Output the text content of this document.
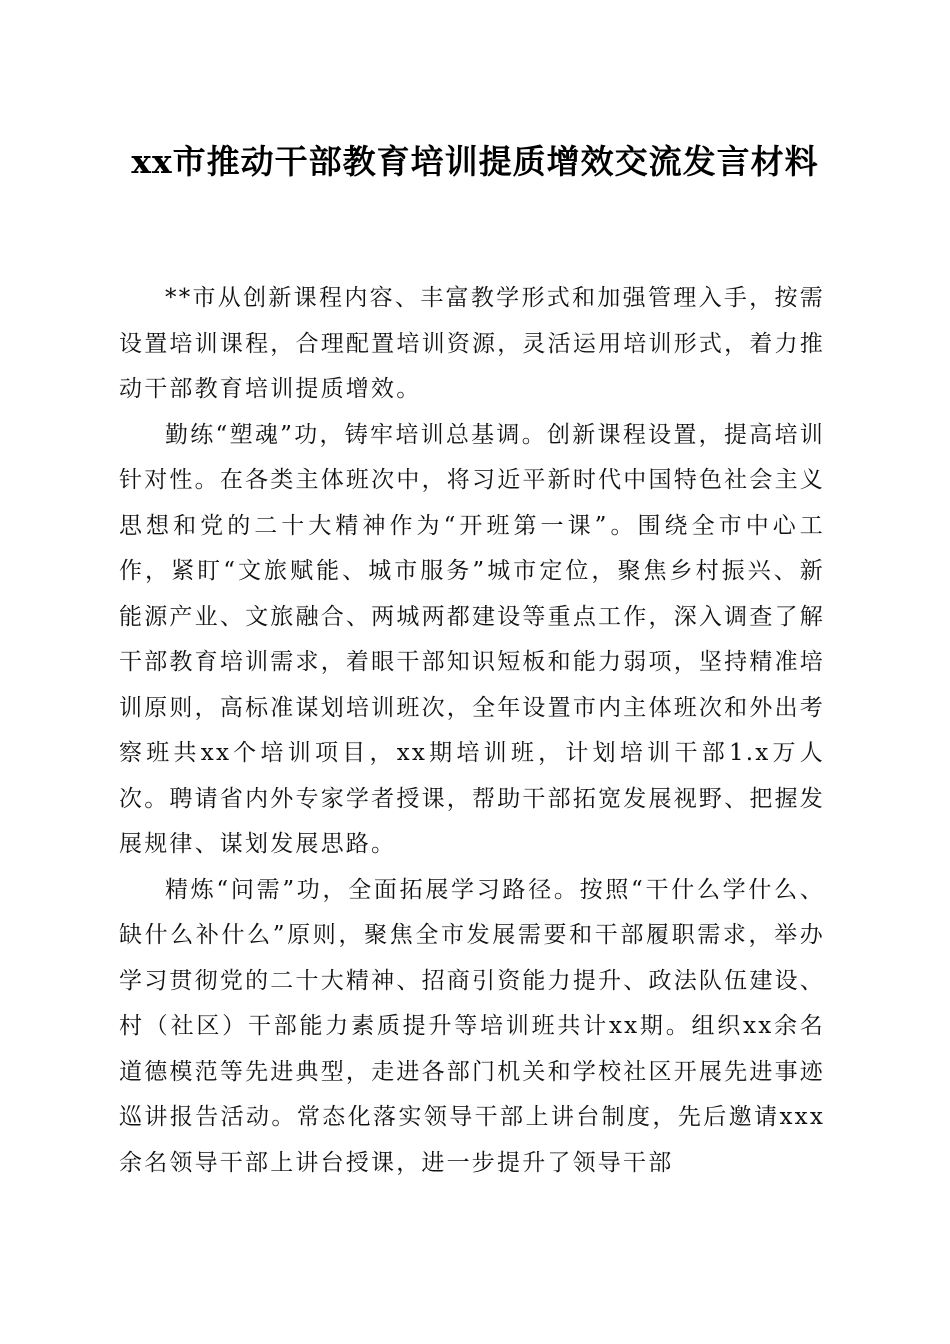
xx市推动干部教育培训提质增效交流发言材料

**市从创新课程内容、丰富教学形式和加强管理入手，按需设置培训课程，合理配置培训资源，灵活运用培训形式，着力推动干部教育培训提质增效。

勤练“塑魂”功，铸牢培训总基调。创新课程设置，提高培训针对性。在各类主体班次中，将习近平新时代中国特色社会主义思想和党的二十大精神作为“开班第一课”。围绕全市中心工作，紧盯“文旅赋能、城市服务”城市定位，聚焦乡村振兴、新能源产业、文旅融合、两城两都建设等重点工作，深入调查了解干部教育培训需求，着眼干部知识短板和能力弱项，坚持精准培训原则，高标准谋划培训班次，全年设置市内主体班次和外出考察班共xx个培训项目，xx期培训班，计划培训干部1.x万人次。聘请省内外专家学者授课，帮助干部拓宽发展视野、把握发展规律、谋划发展思路。

精炼“问需”功，全面拓展学习路径。按照“干什么学什么、缺什么补什么”原则，聚焦全市发展需要和干部履职需求，举办学习贯彻党的二十大精神、招商引资能力提升、政法队伍建设、村（社区）干部能力素质提升等培训班共计xx期。组织xx余名道德模范等先进典型，走进各部门机关和学校社区开展先进事迹巡讲报告活动。常态化落实领导干部上讲台制度，先后邀请xxx余名领导干部上讲台授课，进一步提升了领导干部
